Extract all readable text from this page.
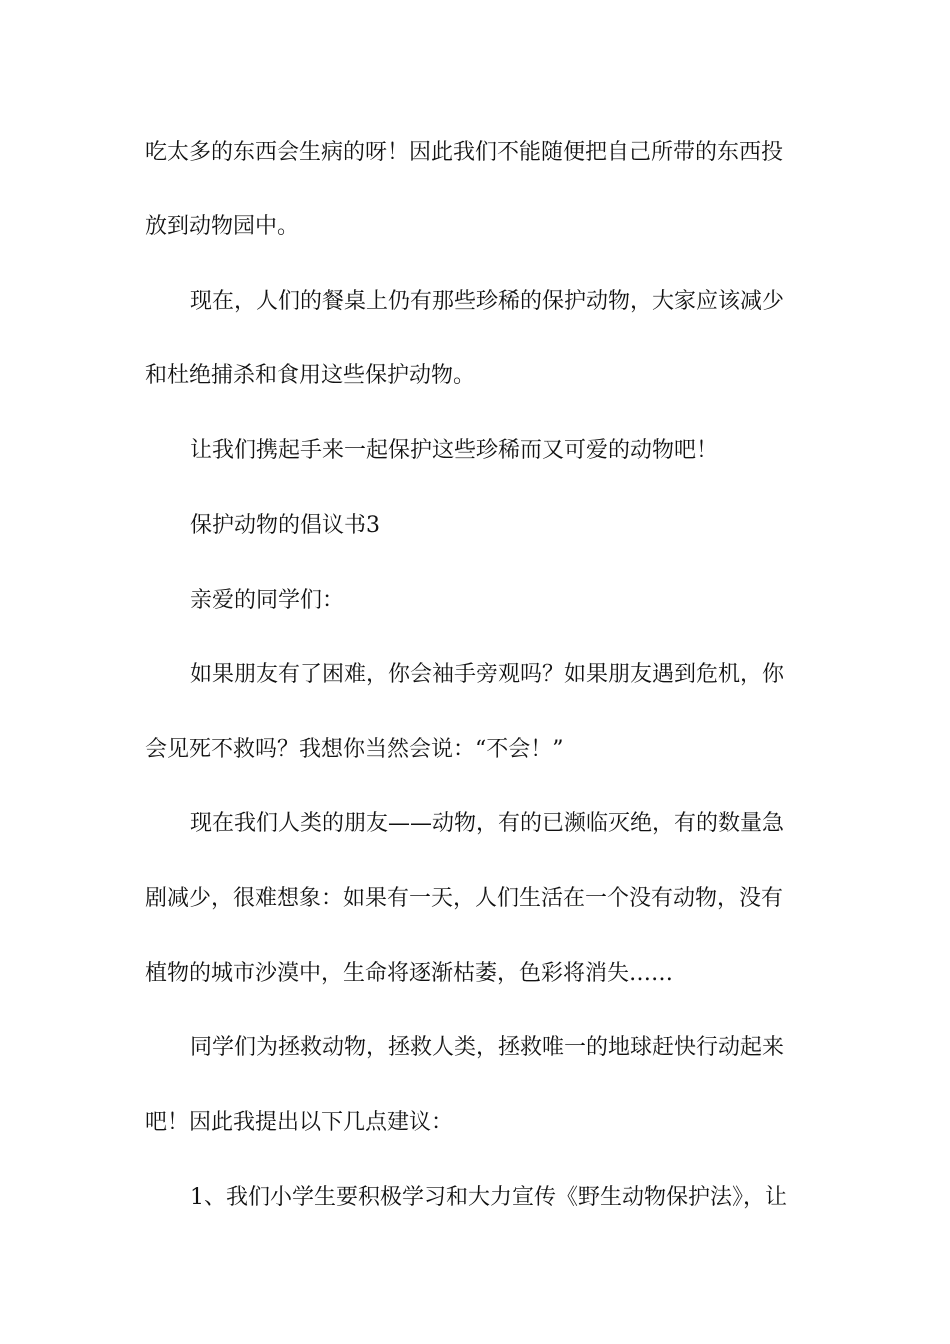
吃太多的东西会生病的呀！因此我们不能随便把自己所带的东西投
放到动物园中。
现在，人们的餐桌上仍有那些珍稀的保护动物，大家应该减少
和杜绝捕杀和食用这些保护动物。
让我们携起手来一起保护这些珍稀而又可爱的动物吧！
保护动物的倡议书3
亲爱的同学们：
如果朋友有了困难，你会袖手旁观吗？如果朋友遇到危机，你
会见死不救吗？我想你当然会说：“不会！”
现在我们人类的朋友——动物，有的已濒临灭绝，有的数量急
剧减少，很难想象：如果有一天，人们生活在一个没有动物，没有
植物的城市沙漠中，生命将逐渐枯萎，色彩将消失……
同学们为拯救动物，拯救人类，拯救唯一的地球赶快行动起来
吧！因此我提出以下几点建议：
1、我们小学生要积极学习和大力宣传《野生动物保护法》，让
